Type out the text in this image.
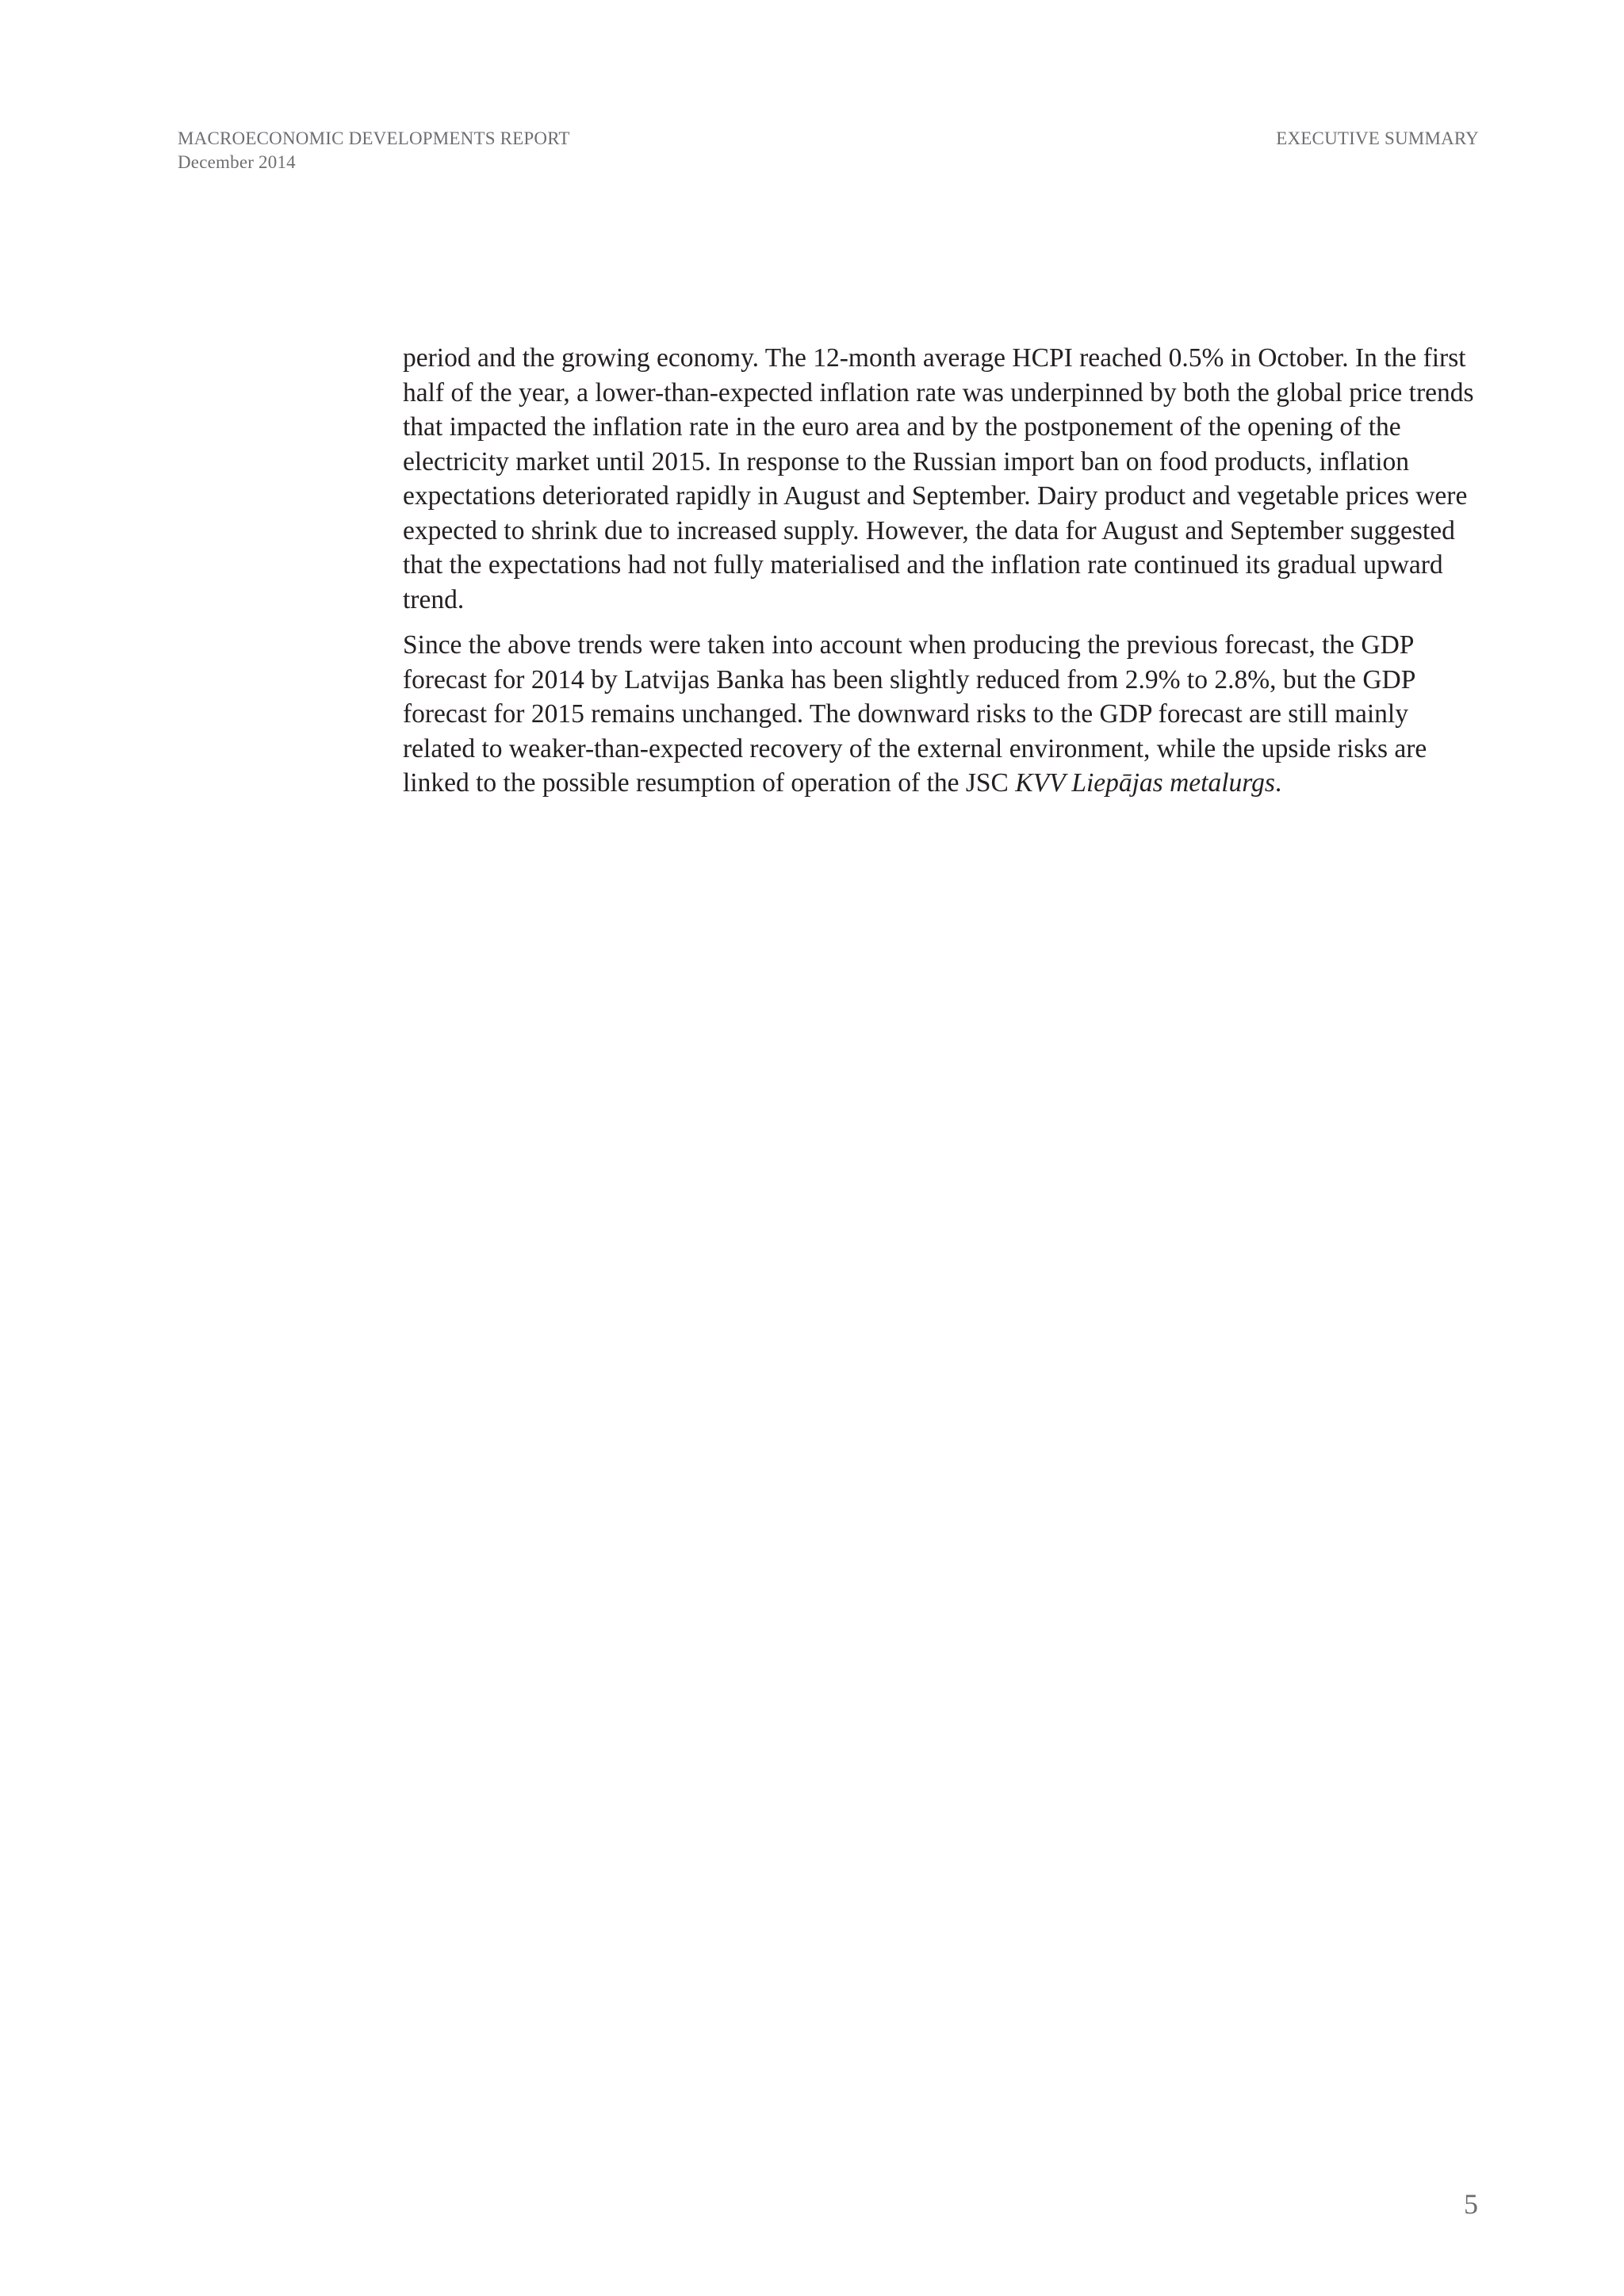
MACROECONOMIC DEVELOPMENTS REPORT
December 2014
EXECUTIVE SUMMARY

period and the growing economy. The 12-month average HCPI reached 0.5% in October. In the first half of the year, a lower-than-expected inflation rate was underpinned by both the global price trends that impacted the inflation rate in the euro area and by the postponement of the opening of the electricity market until 2015. In response to the Russian import ban on food products, inflation expectations deteriorated rapidly in August and September. Dairy product and vegetable prices were expected to shrink due to increased supply. However, the data for August and September suggested that the expectations had not fully materialised and the inflation rate continued its gradual upward trend.

Since the above trends were taken into account when producing the previous forecast, the GDP forecast for 2014 by Latvijas Banka has been slightly reduced from 2.9% to 2.8%, but the GDP forecast for 2015 remains unchanged. The downward risks to the GDP forecast are still mainly related to weaker-than-expected recovery of the external environment, while the upside risks are linked to the possible resumption of operation of the JSC KVV Liepājas metalurgs.

5
